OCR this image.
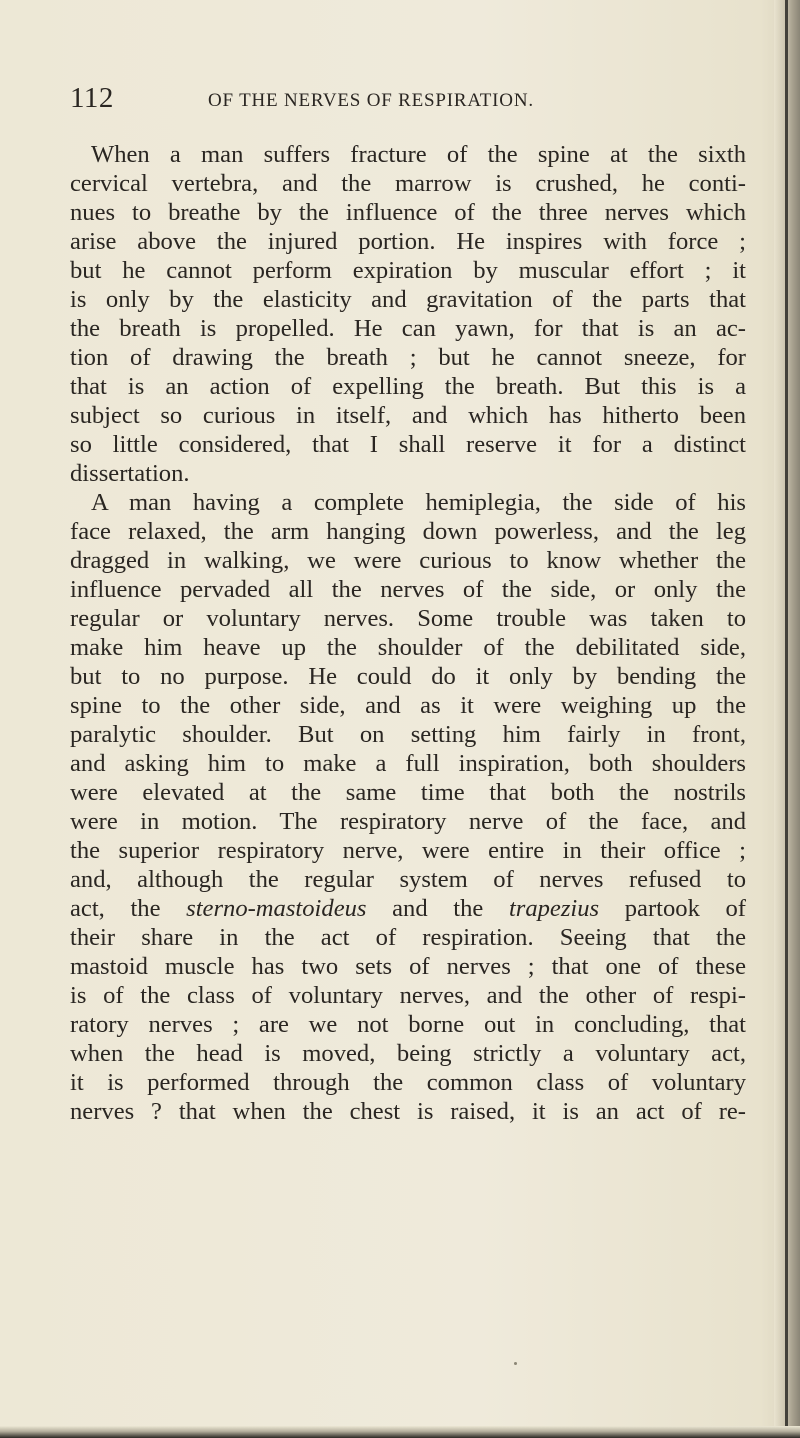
112	OF THE NERVES OF RESPIRATION.
When a man suffers fracture of the spine at the sixth
cervical vertebra, and the marrow is crushed, he conti-
nues to breathe by the influence of the three nerves which
arise above the injured portion. He inspires with force ;
but he cannot perform expiration by muscular effort ; it
is only by the elasticity and gravitation of the parts that
the breath is propelled. He can yawn, for that is an ac-
tion of drawing the breath ; but he cannot sneeze, for
that is an action of expelling the breath. But this is a
subject so curious in itself, and which has hitherto been
so little considered, that I shall reserve it for a distinct
dissertation.
A man having a complete hemiplegia, the side of his
face relaxed, the arm hanging down powerless, and the leg
dragged in walking, we were curious to know whether the
influence pervaded all the nerves of the side, or only the
regular or voluntary nerves. Some trouble was taken to
make him heave up the shoulder of the debilitated side,
but to no purpose. He could do it only by bending the
spine to the other side, and as it were weighing up the
paralytic shoulder. But on setting him fairly in front,
and asking him to make a full inspiration, both shoulders
were elevated at the same time that both the nostrils
were in motion. The respiratory nerve of the face, and
the superior respiratory nerve, were entire in their office ;
and, although the regular system of nerves refused to
act, the sterno-mastoideus and the trapezius partook of
their share in the act of respiration. Seeing that the
mastoid muscle has two sets of nerves ; that one of these
is of the class of voluntary nerves, and the other of respi-
ratory nerves ; are we not borne out in concluding, that
when the head is moved, being strictly a voluntary act,
it is performed through the common class of voluntary
nerves ? that when the chest is raised, it is an act of re-
